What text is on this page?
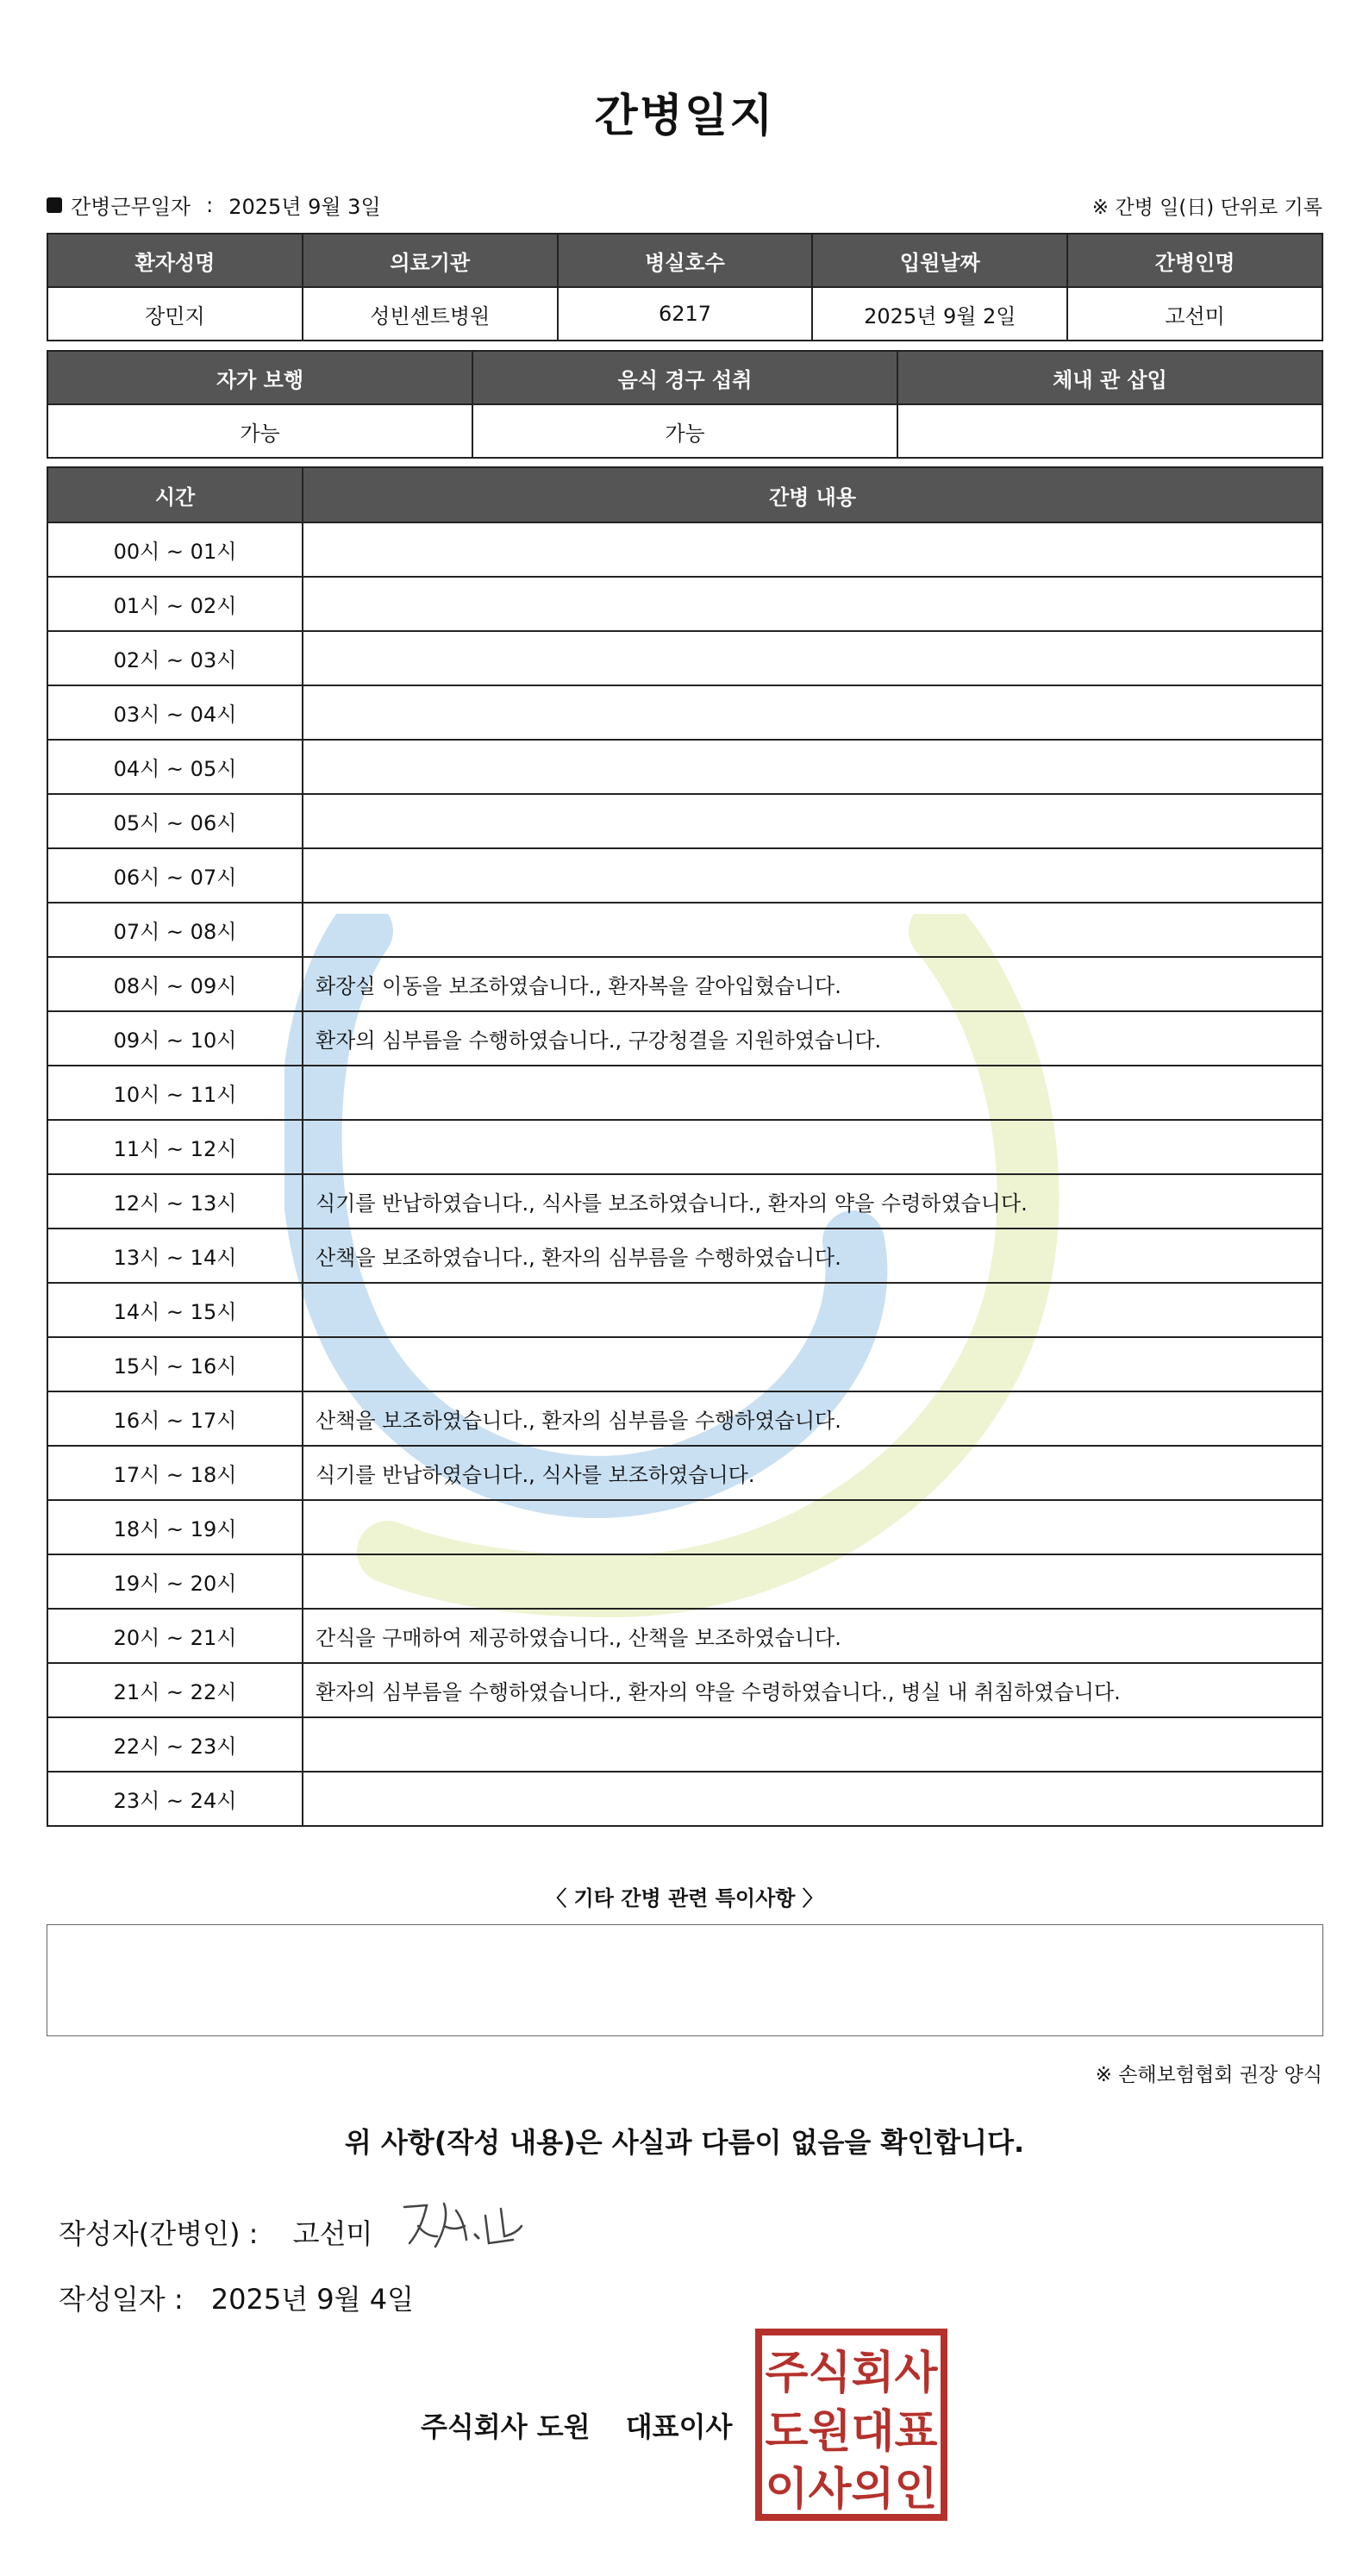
간병일지
간병근무일자 : 2025년 9월 3일	※ 간병 일(日) 단위로 기록
환자성명	의료기관	병실호수	입원날짜	간병인명
장민지	성빈센트병원	6217	2025년 9월 2일	고선미
자가 보행	음식 경구 섭취	체내 관 삽입
가능	가능	
시간	간병 내용
00시 ~ 01시	
01시 ~ 02시	
02시 ~ 03시	
03시 ~ 04시	
04시 ~ 05시	
05시 ~ 06시	
06시 ~ 07시	
07시 ~ 08시	
08시 ~ 09시	화장실 이동을 보조하였습니다., 환자복을 갈아입혔습니다.
09시 ~ 10시	환자의 심부름을 수행하였습니다., 구강청결을 지원하였습니다.
10시 ~ 11시	
11시 ~ 12시	
12시 ~ 13시	식기를 반납하였습니다., 식사를 보조하였습니다., 환자의 약을 수령하였습니다.
13시 ~ 14시	산책을 보조하였습니다., 환자의 심부름을 수행하였습니다.
14시 ~ 15시	
15시 ~ 16시	
16시 ~ 17시	산책을 보조하였습니다., 환자의 심부름을 수행하였습니다.
17시 ~ 18시	식기를 반납하였습니다., 식사를 보조하였습니다.
18시 ~ 19시	
19시 ~ 20시	
20시 ~ 21시	간식을 구매하여 제공하였습니다., 산책을 보조하였습니다.
21시 ~ 22시	환자의 심부름을 수행하였습니다., 환자의 약을 수령하였습니다., 병실 내 취침하였습니다.
22시 ~ 23시	
23시 ~ 24시	
〈 기타 간병 관련 특이사항 〉
※ 손해보험협회 권장 양식
위 사항(작성 내용)은 사실과 다름이 없음을 확인합니다.
작성자(간병인) : 고선미
작성일자 : 2025년 9월 4일
주식회사 도원 대표이사
주식회사
도원대표
이사의인
